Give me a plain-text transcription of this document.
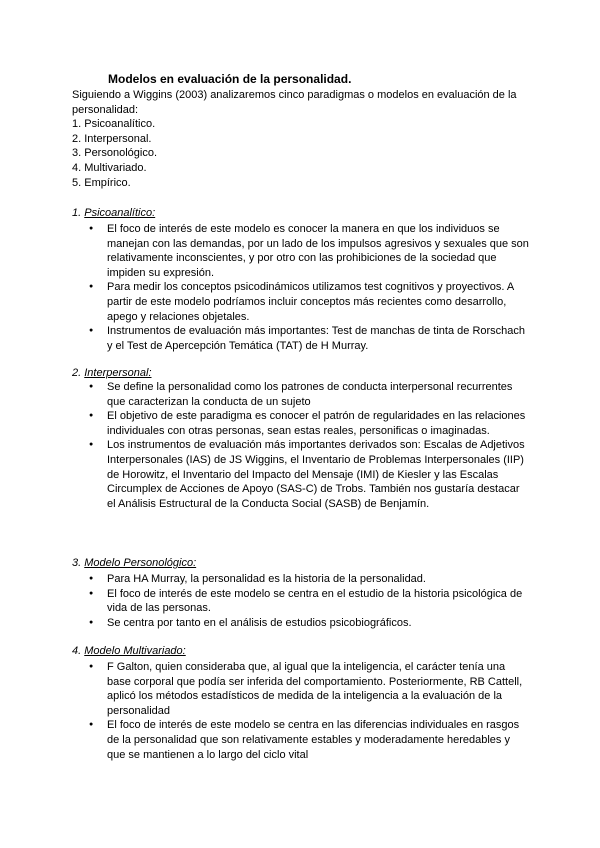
Modelos en evaluación de la personalidad.
Siguiendo a Wiggins (2003) analizaremos cinco paradigmas o modelos en evaluación de la personalidad:
1. Psicoanalítico.
2. Interpersonal.
3. Personológico.
4. Multivariado.
5. Empírico.
1. Psicoanalítico:
● El foco de interés de este modelo es conocer la manera en que los individuos se manejan con las demandas, por un lado de los impulsos agresivos y sexuales que son relativamente inconscientes, y por otro con las prohibiciones de la sociedad que impiden su expresión.
● Para medir los conceptos psicodinámicos utilizamos test cognitivos y proyectivos. A partir de este modelo podríamos incluir conceptos más recientes como desarrollo, apego y relaciones objetales.
● Instrumentos de evaluación más importantes: Test de manchas de tinta de Rorschach y el Test de Apercepción Temática (TAT) de H Murray.
2. Interpersonal:
● Se define la personalidad como los patrones de conducta interpersonal recurrentes que caracterizan la conducta de un sujeto
● El objetivo de este paradigma es conocer el patrón de regularidades en las relaciones individuales con otras personas, sean estas reales, personificas o imaginadas.
● Los instrumentos de evaluación más importantes derivados son: Escalas de Adjetivos Interpersonales (IAS) de JS Wiggins, el Inventario de Problemas Interpersonales (IIP) de Horowitz, el Inventario del Impacto del Mensaje (IMI) de Kiesler y las Escalas Circumplex de Acciones de Apoyo (SAS-C) de Trobs. También nos gustaría destacar el Análisis Estructural de la Conducta Social (SASB) de Benjamín.
3. Modelo Personológico:
● Para HA Murray, la personalidad es la historia de la personalidad.
● El foco de interés de este modelo se centra en el estudio de la historia psicológica de vida de las personas.
● Se centra por tanto en el análisis de estudios psicobiográficos.
4. Modelo Multivariado:
● F Galton, quien consideraba que, al igual que la inteligencia, el carácter tenía una base corporal que podía ser inferida del comportamiento. Posteriormente, RB Cattell, aplicó los métodos estadísticos de medida de la inteligencia a la evaluación de la personalidad
● El foco de interés de este modelo se centra en las diferencias individuales en rasgos de la personalidad que son relativamente estables y moderadamente heredables y que se mantienen a lo largo del ciclo vital
